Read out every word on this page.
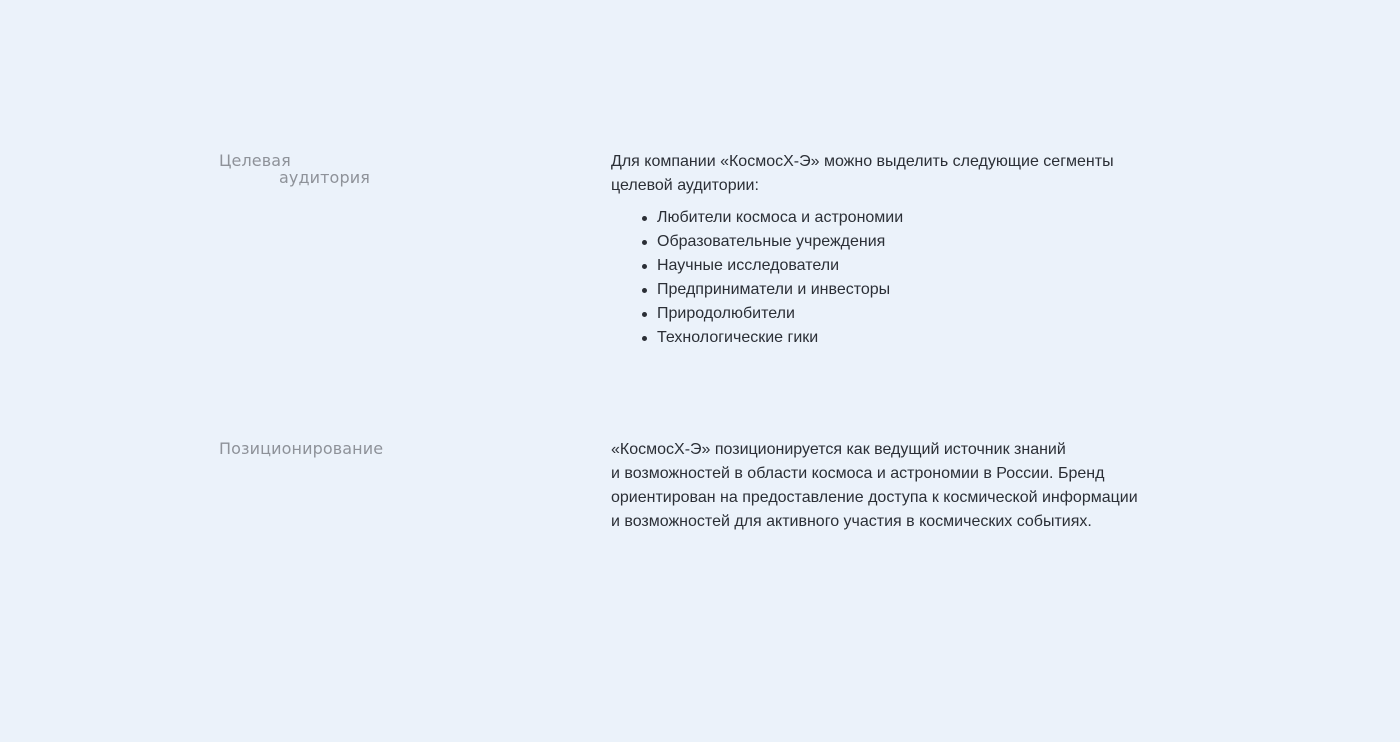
Целевая
аудитория

Для компании «КосмосX-Э» можно выделить следующие сегменты
целевой аудитории:

Любители космоса и астрономии
Образовательные учреждения
Научные исследователи
Предприниматели и инвесторы
Природолюбители
Технологические гики
Позиционирование	«КосмосX-Э» позиционируется как ведущий источник знаний
и возможностей в области космоса и астрономии в России. Бренд
ориентирован на предоставление доступа к космической информации
и возможностей для активного участия в космических событиях.
